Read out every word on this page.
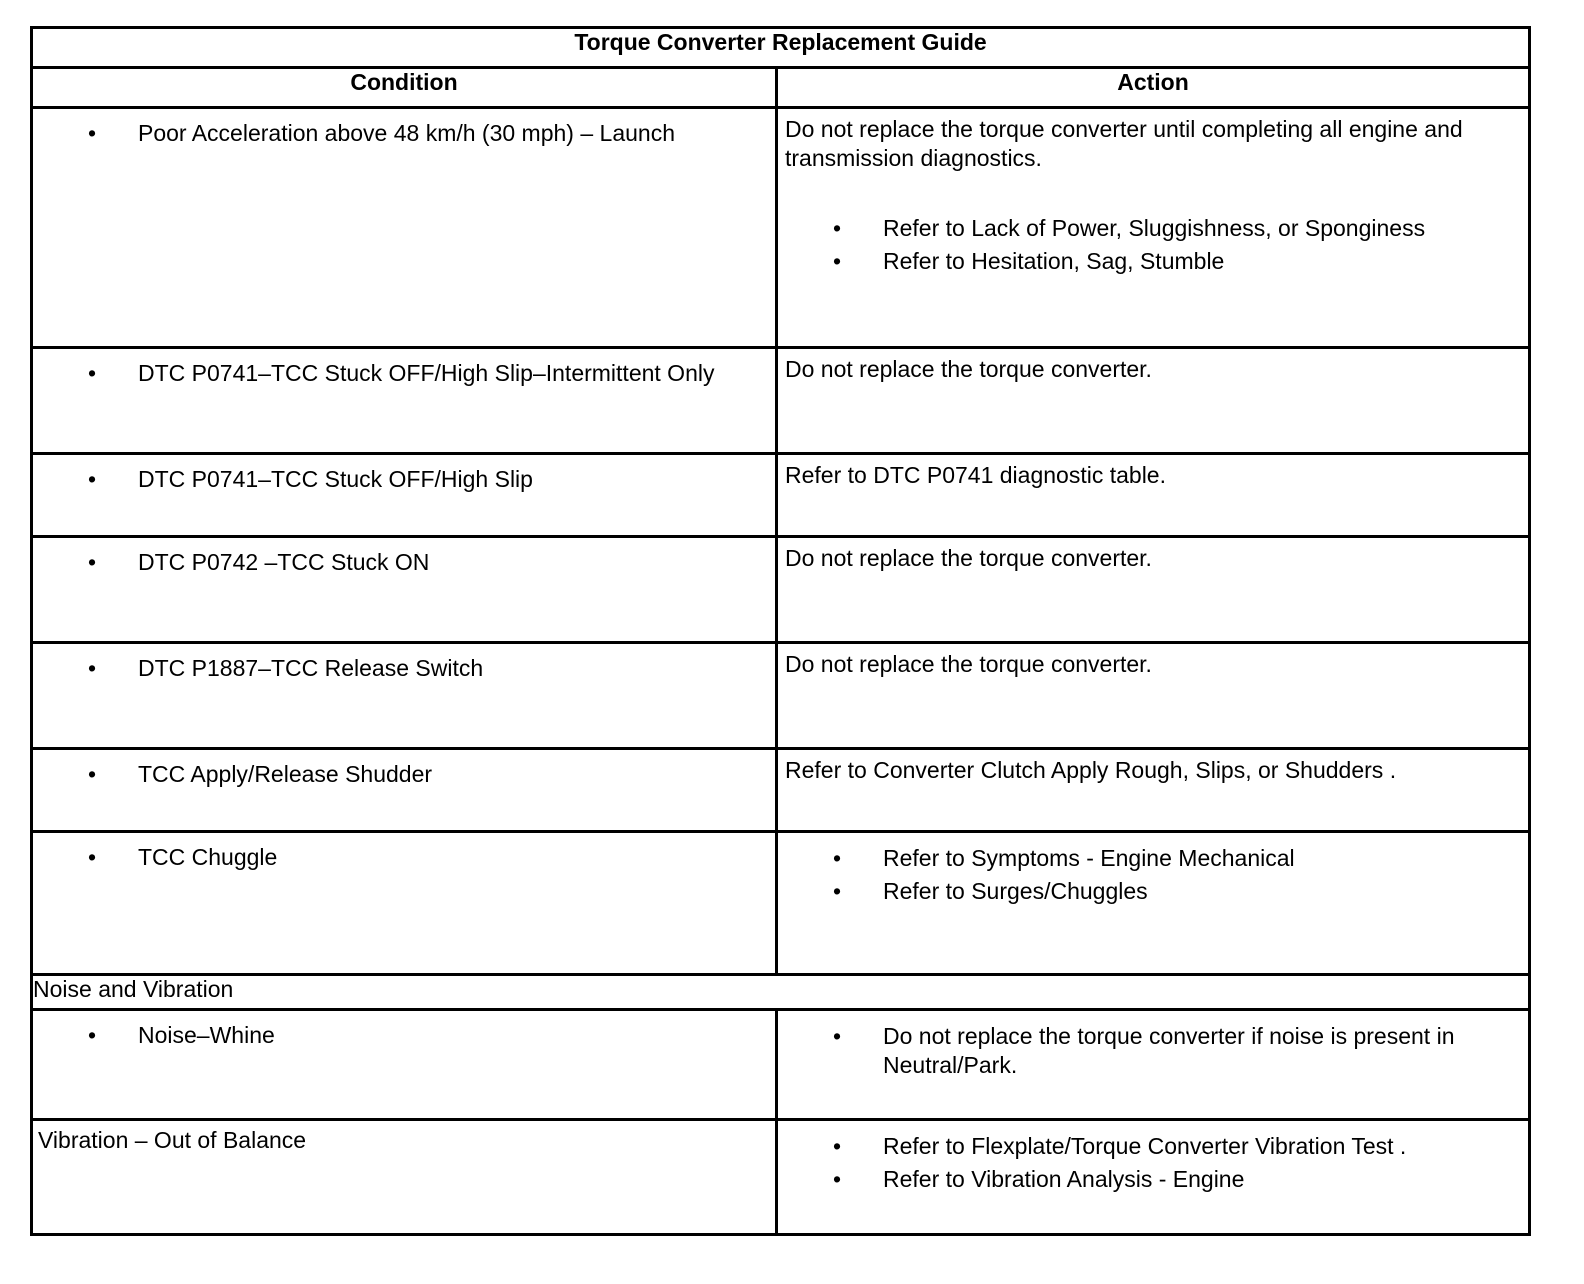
Torque Converter Replacement Guide	
Condition	Action

• Poor Acceleration above 48 km/h (30 mph) – Launch	Do not replace the torque converter until completing all engine and transmission diagnostics.
• Refer to Lack of Power, Sluggishness, or Sponginess
• Refer to Hesitation, Sag, Stumble

• DTC P0741–TCC Stuck OFF/High Slip–Intermittent Only	Do not replace the torque converter.

• DTC P0741–TCC Stuck OFF/High Slip	Refer to DTC P0741 diagnostic table.

• DTC P0742 –TCC Stuck ON	Do not replace the torque converter.

• DTC P1887–TCC Release Switch	Do not replace the torque converter.

• TCC Apply/Release Shudder	Refer to Converter Clutch Apply Rough, Slips, or Shudders .

• TCC Chuggle	• Refer to Symptoms - Engine Mechanical
• Refer to Surges/Chuggles

Noise and Vibration	

• Noise–Whine	• Do not replace the torque converter if noise is present in Neutral/Park.

Vibration – Out of Balance	• Refer to Flexplate/Torque Converter Vibration Test .
• Refer to Vibration Analysis - Engine
